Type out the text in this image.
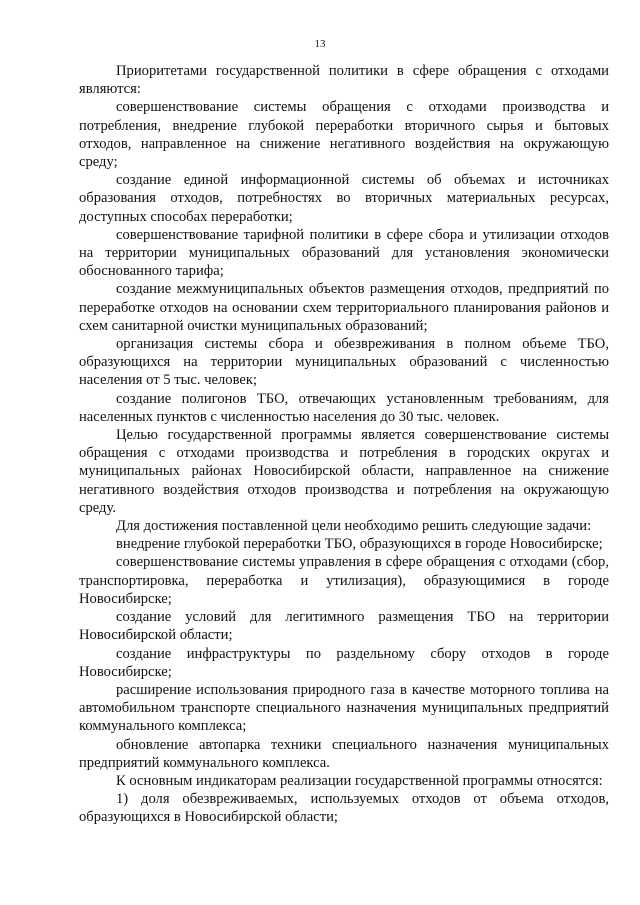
13

Приоритетами государственной политики в сфере обращения с отходами являются:

совершенствование системы обращения с отходами производства и потребления, внедрение глубокой переработки вторичного сырья и бытовых отходов, направленное на снижение негативного воздействия на окружающую среду;

создание единой информационной системы об объемах и источниках образования отходов, потребностях во вторичных материальных ресурсах, доступных способах переработки;

совершенствование тарифной политики в сфере сбора и утилизации отходов на территории муниципальных образований для установления экономически обоснованного тарифа;

создание межмуниципальных объектов размещения отходов, предприятий по переработке отходов на основании схем территориального планирования районов и схем санитарной очистки муниципальных образований;

организация системы сбора и обезвреживания в полном объеме ТБО, образующихся на территории муниципальных образований с численностью населения от 5 тыс. человек;

создание полигонов ТБО, отвечающих установленным требованиям, для населенных пунктов с численностью населения до 30 тыс. человек.

Целью государственной программы является совершенствование системы обращения с отходами производства и потребления в городских округах и муниципальных районах Новосибирской области, направленное на снижение негативного воздействия отходов производства и потребления на окружающую среду.

Для достижения поставленной цели необходимо решить следующие задачи:

внедрение глубокой переработки ТБО, образующихся в городе Новосибирске;

совершенствование системы управления в сфере обращения с отходами (сбор, транспортировка, переработка и утилизация), образующимися в городе Новосибирске;

создание условий для легитимного размещения ТБО на территории Новосибирской области;

создание инфраструктуры по раздельному сбору отходов в городе Новосибирске;

расширение использования природного газа в качестве моторного топлива на автомобильном транспорте специального назначения муниципальных предприятий коммунального комплекса;

обновление автопарка техники специального назначения муниципальных предприятий коммунального комплекса.

К основным индикаторам реализации государственной программы относятся:

1) доля обезвреживаемых, используемых отходов от объема отходов, образующихся в Новосибирской области;
